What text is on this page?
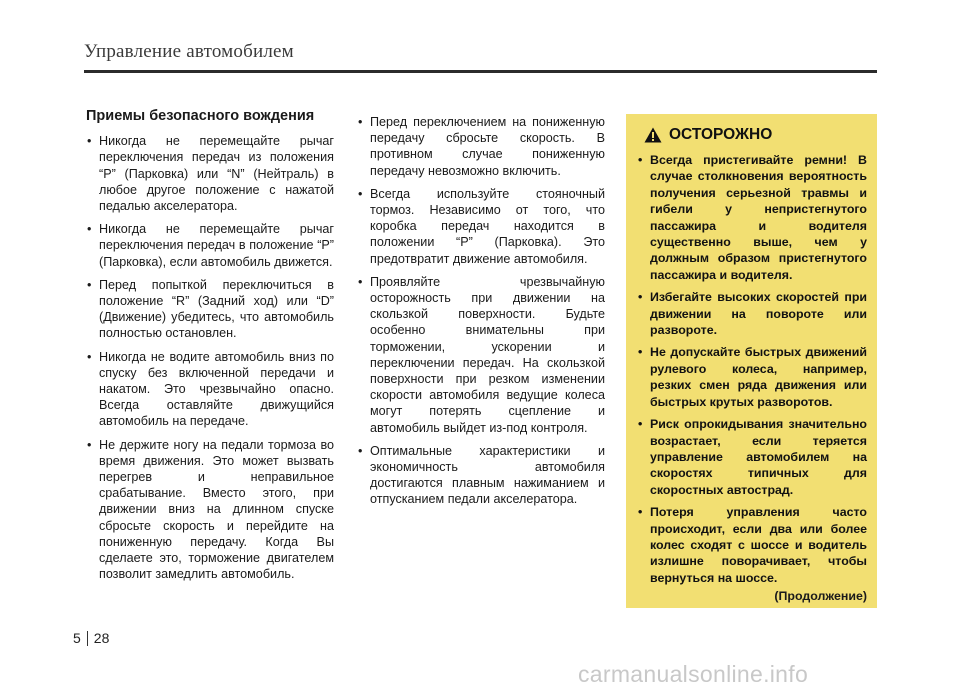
Управление автомобилем
Приемы безопасного вождения
• Никогда не перемещайте рычаг переключения передач из положения “P” (Парковка) или “N” (Нейтраль) в любое другое положение с нажатой педалью акселератора.
• Никогда не перемещайте рычаг переключения передач в положение “P” (Парковка), если автомобиль движется.
• Перед попыткой переключиться в положение “R” (Задний ход) или “D” (Движение) убедитесь, что автомобиль полностью остановлен.
• Никогда не водите автомобиль вниз по спуску без включенной передачи и накатом. Это чрезвычайно опасно. Всегда оставляйте движущийся автомобиль на передаче.
• Не держите ногу на педали тормоза во время движения. Это может вызвать перегрев и неправильное срабатывание. Вместо этого, при движении вниз на длинном спуске сбросьте скорость и перейдите на пониженную передачу. Когда Вы сделаете это, торможение двигателем позволит замедлить автомобиль.
• Перед переключением на пониженную передачу сбросьте скорость. В противном случае пониженную передачу невозможно включить.
• Всегда используйте стояночный тормоз. Независимо от того, что коробка передач находится в положении “P” (Парковка). Это предотвратит движение автомобиля.
• Проявляйте чрезвычайную осторожность при движении на скользкой поверхности. Будьте особенно внимательны при торможении, ускорении и переключении передач. На скользкой поверхности при резком изменении скорости автомобиля ведущие колеса могут потерять сцепление и автомобиль выйдет из-под контроля.
• Оптимальные характеристики и экономичность автомобиля достигаются плавным нажиманием и отпусканием педали акселератора.
ОСТОРОЖНО
• Всегда пристегивайте ремни! В случае столкновения вероятность получения серьезной травмы и гибели у непристегнутого пассажира и водителя существенно выше, чем у должным образом пристегнутого пассажира и водителя.
• Избегайте высоких скоростей при движении на повороте или развороте.
• Не допускайте быстрых движений рулевого колеса, например, резких смен ряда движения или быстрых крутых разворотов.
• Риск опрокидывания значительно возрастает, если теряется управление автомобилем на скоростях типичных для скоростных автострад.
• Потеря управления часто происходит, если два или более колес сходят с шоссе и водитель излишне поворачивает, чтобы вернуться на шоссе.
(Продолжение)
5 28
carmanualsonline.info
